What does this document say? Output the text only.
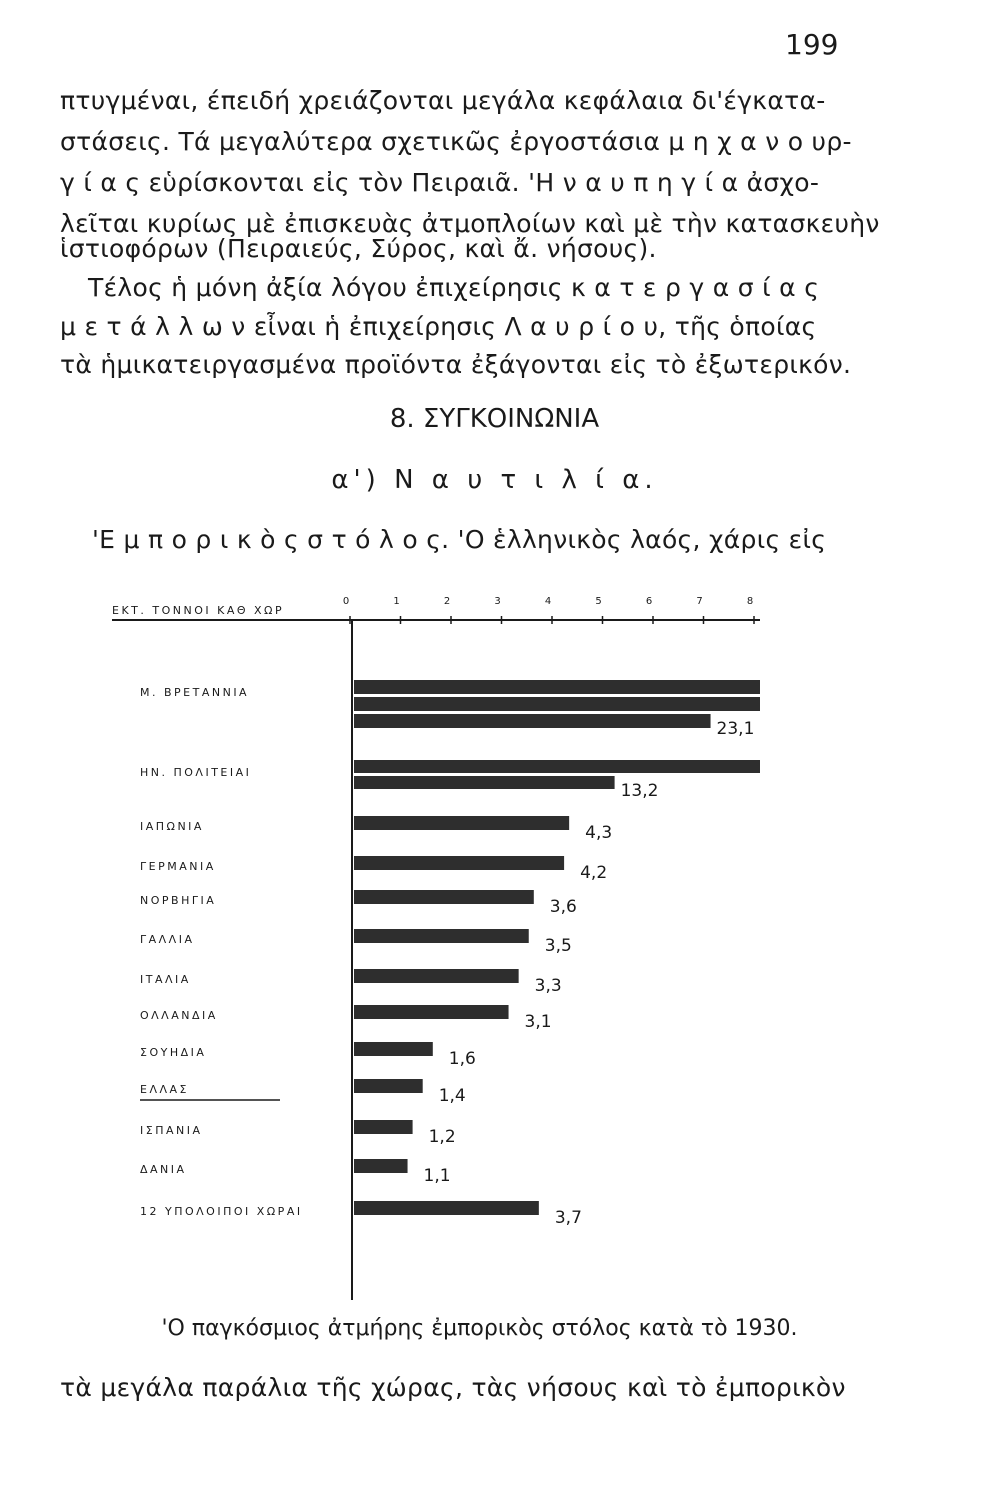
199
πτυγμέναι, έπειδή χρειάζονται μεγάλα κεφάλαια δι'έγκατα-
στάσεις. Τά μεγαλύτερα σχετικῶς ἐργοστάσια μ η χ α ν ο υρ-
γ ί α ς εὑρίσκονται εἰς τὸν Πειραιᾶ. 'Η ν α υ π η γ ί α ἀσχο-
λεῖται κυρίως μὲ ἐπισκευὰς ἀτμοπλοίων καὶ μὲ τὴν κατασκευὴν
ἱστιοφόρων (Πειραιεύς, Σύρος, καὶ ἄ. νήσους).
Τέλος ἡ μόνη ἀξία λόγου ἐπιχείρησις κ α τ ε ρ γ α σ ί α ς
μ ε τ ά λ λ ω ν εἶναι ἡ ἐπιχείρησις Λ α υ ρ ί ο υ, τῆς ὁποίας
τὰ ἡμικατειργασμένα προϊόντα ἐξάγονται εἰς τὸ ἐξωτερικόν.
8. ΣΥΓΚΟΙΝΩΝΙΑ
α') Ν α υ τ ι λ ί α.
'Ε μ π ο ρ ι κ ὸ ς σ τ ό λ ο ς. 'Ο ἑλληνικὸς λαός, χάρις εἰς
ΕΚΤ. ΤΟΝΝΟΙ ΚΑΘ ΧΩΡ
0	1	2	3	4	5	6	7	8
Μ. ΒΡΕΤΑΝΝΙΑ
23,1
ΗΝ. ΠΟΛΙΤΕΙΑΙ
13,2
ΙΑΠΩΝΙΑ	4,3
ΓΕΡΜΑΝΙΑ	4,2
ΝΟΡΒΗΓΙΑ	3,6
ΓΑΛΛΙΑ	3,5
ΙΤΑΛΙΑ	3,3
ΟΛΛΑΝΔΙΑ	3,1
ΣΟΥΗΔΙΑ	1,6
ΕΛΛΑΣ	1,4
ΙΣΠΑΝΙΑ	1,2
ΔΑΝΙΑ	1,1
12 ΥΠΟΛΟΙΠΟΙ ΧΩΡΑΙ	3,7
'Ο παγκόσμιος ἀτμήρης ἐμπορικὸς στόλος κατὰ τὸ 1930.
τὰ μεγάλα παράλια τῆς χώρας, τὰς νήσους καὶ τὸ ἐμπορικὸν
